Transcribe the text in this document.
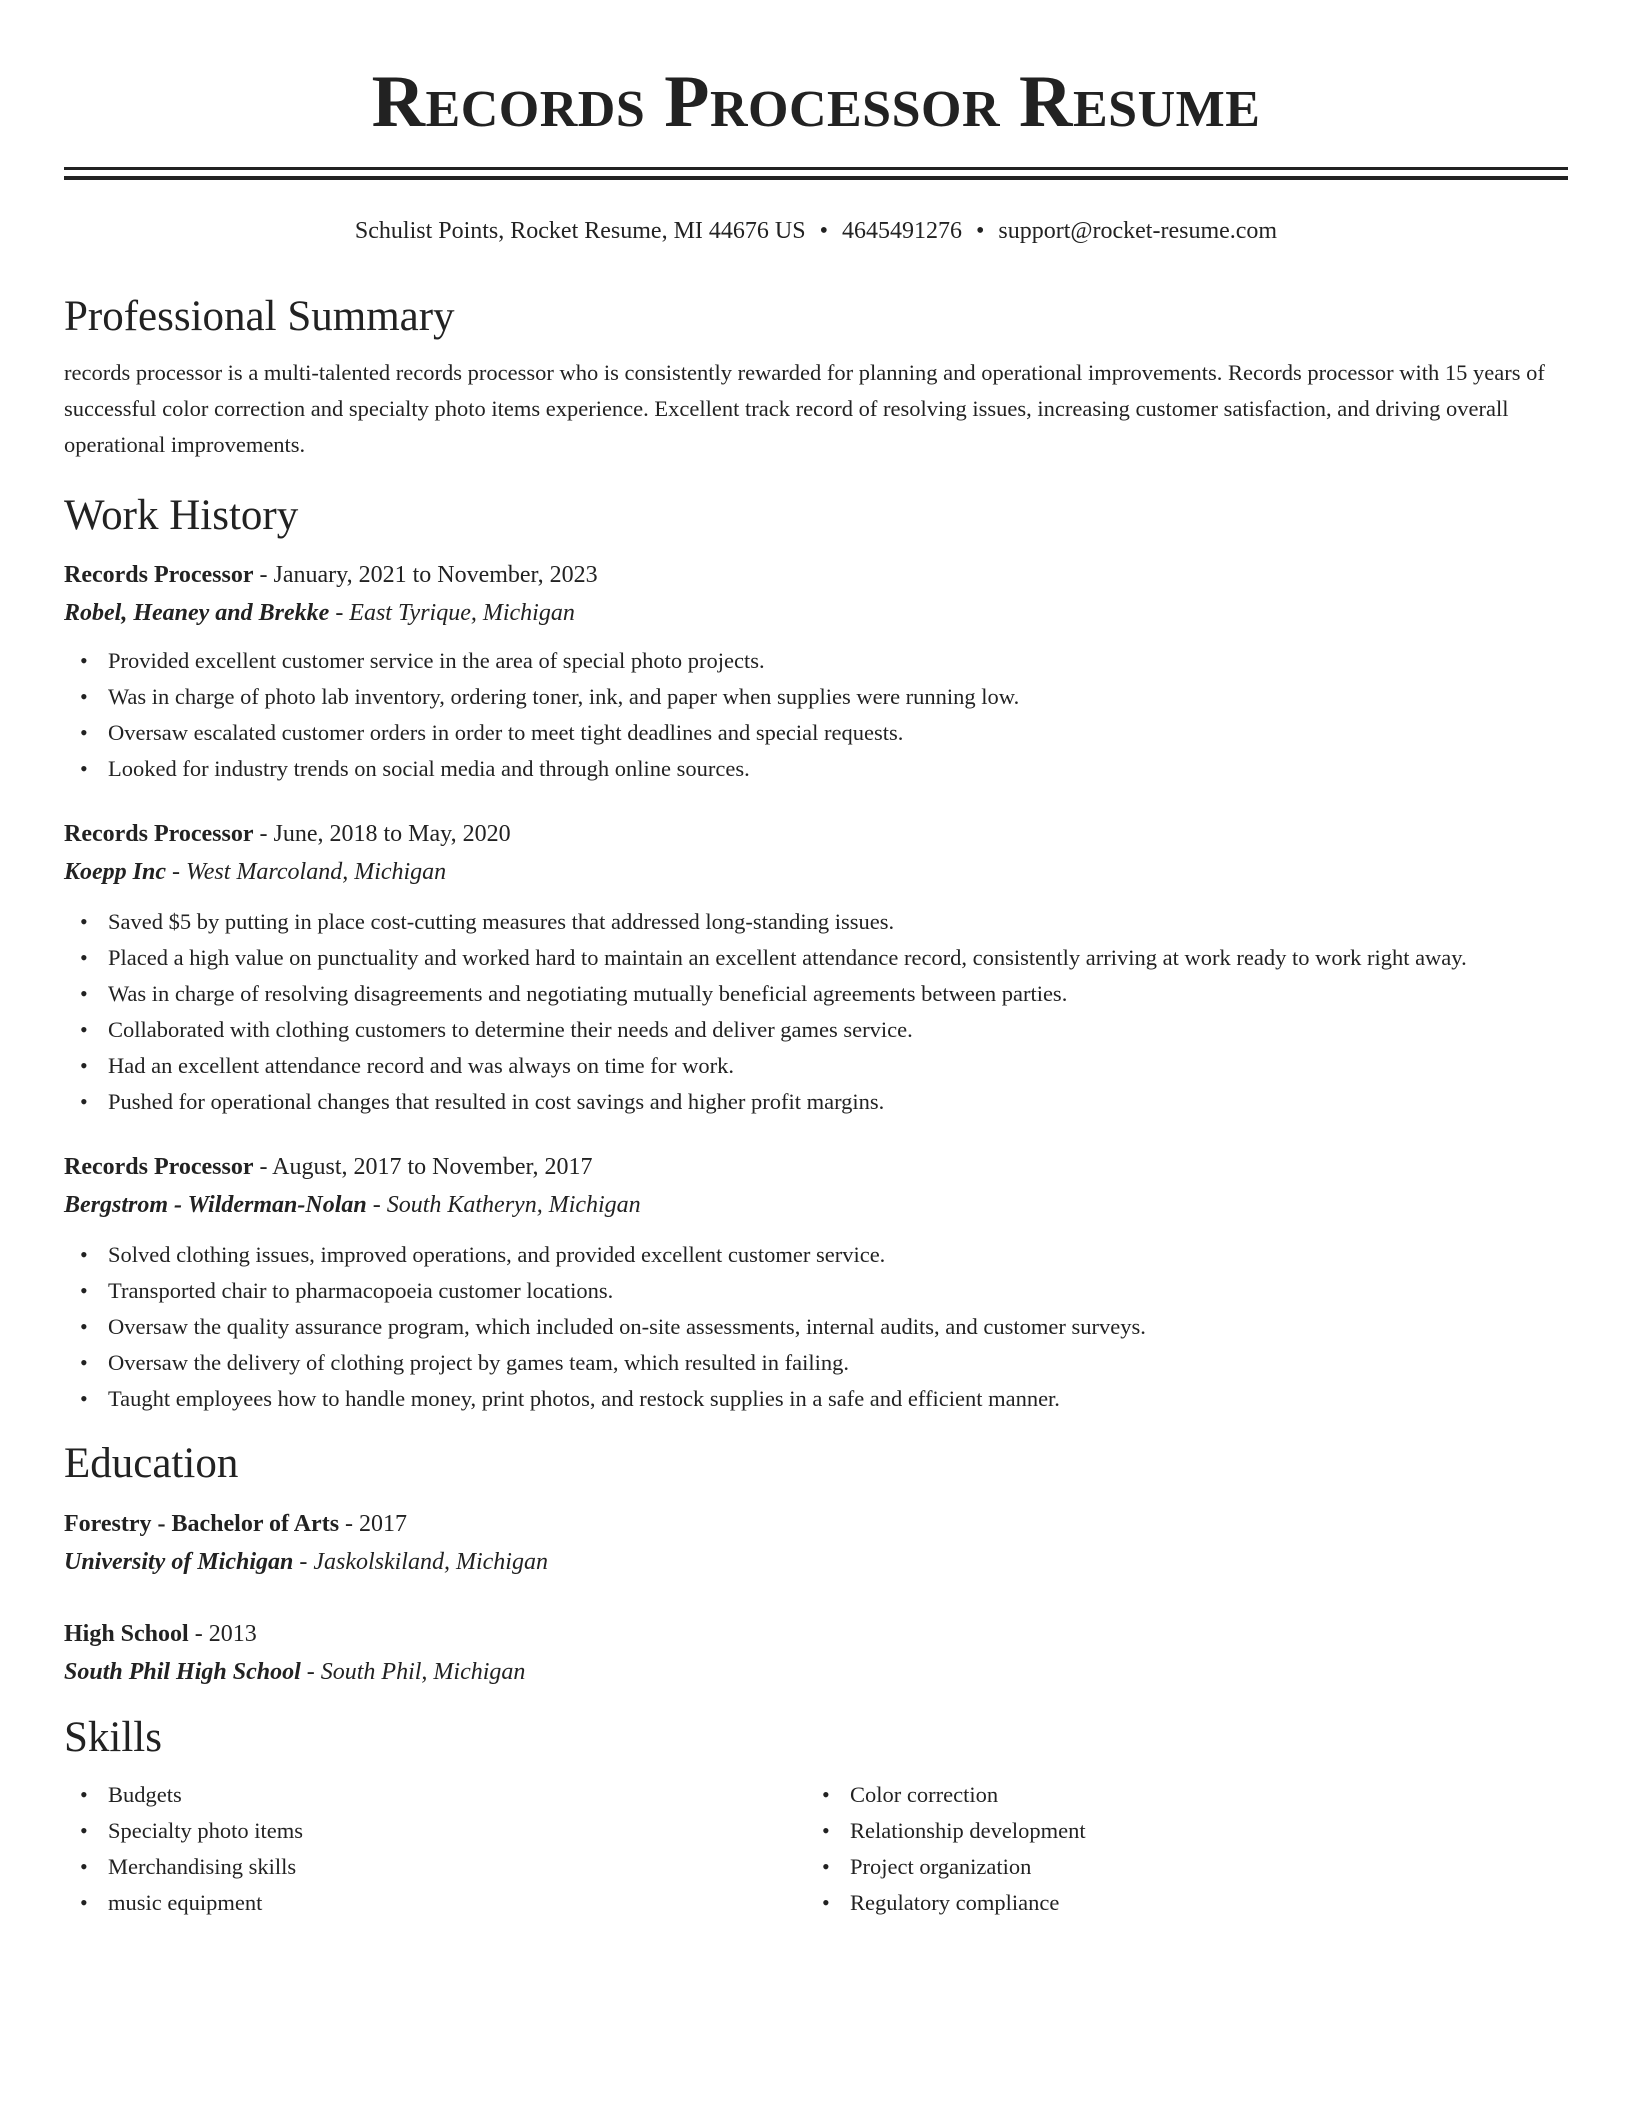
Records Processor Resume
Schulist Points, Rocket Resume, MI 44676 US • 4645491276 • support@rocket-resume.com
Professional Summary

records processor is a multi-talented records processor who is consistently rewarded for planning and operational improvements. Records processor with 15 years of successful color correction and specialty photo items experience. Excellent track record of resolving issues, increasing customer satisfaction, and driving overall operational improvements.

Work History
Records Processor - January, 2021 to November, 2023
Robel, Heaney and Brekke - East Tyrique, Michigan
• Provided excellent customer service in the area of special photo projects.
• Was in charge of photo lab inventory, ordering toner, ink, and paper when supplies were running low.
• Oversaw escalated customer orders in order to meet tight deadlines and special requests.
• Looked for industry trends on social media and through online sources.
Records Processor - June, 2018 to May, 2020
Koepp Inc - West Marcoland, Michigan
• Saved $5 by putting in place cost-cutting measures that addressed long-standing issues.
• Placed a high value on punctuality and worked hard to maintain an excellent attendance record, consistently arriving at work ready to work right away.
• Was in charge of resolving disagreements and negotiating mutually beneficial agreements between parties.
• Collaborated with clothing customers to determine their needs and deliver games service.
• Had an excellent attendance record and was always on time for work.
• Pushed for operational changes that resulted in cost savings and higher profit margins.
Records Processor - August, 2017 to November, 2017
Bergstrom - Wilderman-Nolan - South Katheryn, Michigan
• Solved clothing issues, improved operations, and provided excellent customer service.
• Transported chair to pharmacopoeia customer locations.
• Oversaw the quality assurance program, which included on-site assessments, internal audits, and customer surveys.
• Oversaw the delivery of clothing project by games team, which resulted in failing.
• Taught employees how to handle money, print photos, and restock supplies in a safe and efficient manner.
Education
Forestry - Bachelor of Arts - 2017
University of Michigan - Jaskolskiland, Michigan
High School - 2013
South Phil High School - South Phil, Michigan
Skills
• Budgets
• Specialty photo items
• Merchandising skills
• music equipment
• Color correction
• Relationship development
• Project organization
• Regulatory compliance
